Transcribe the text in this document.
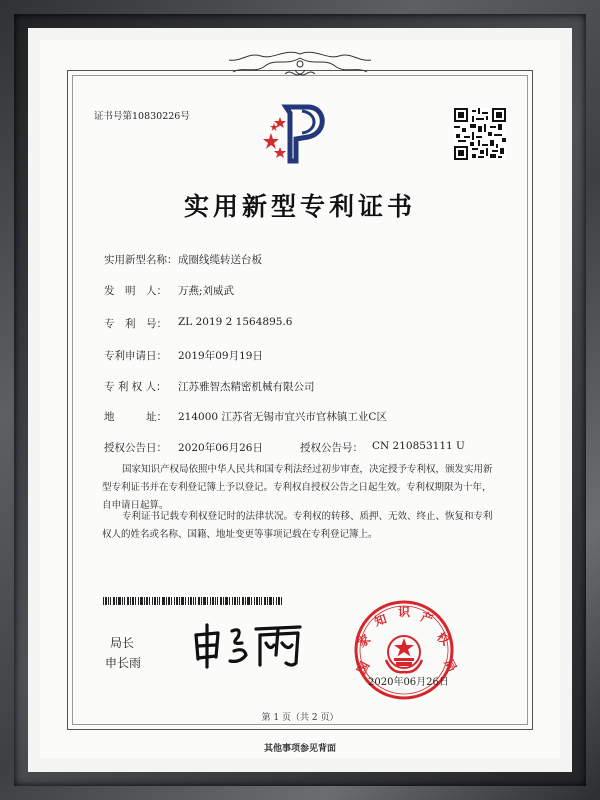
证书号第10830226号
实用新型专利证书
实用新型名称： 成圈线缆转送台板
发　明　人： 万燕;刘威武
专　利　号： ZL 2019 2 1564895.6
专利申请日： 2019年09月19日
专 利 权 人： 江苏雅智杰精密机械有限公司
地　　　址： 214000 江苏省无锡市宜兴市官林镇工业C区
授权公告日： 2020年06月26日	授权公告号： CN 210853111 U
国家知识产权局依照中华人民共和国专利法经过初步审查，决定授予专利权，颁发实用新型专利证书并在专利登记簿上予以登记。专利权自授权公告之日起生效。专利权期限为十年，自申请日起算。
专利证书记载专利权登记时的法律状况。专利权的转移、质押、无效、终止、恢复和专利权人的姓名或名称、国籍、地址变更等事项记载在专利登记簿上。
局长
申长雨	国
家
知 识 产
权
局
2020年06月26日
第 1 页（共 2 页）
其他事项参见背面
